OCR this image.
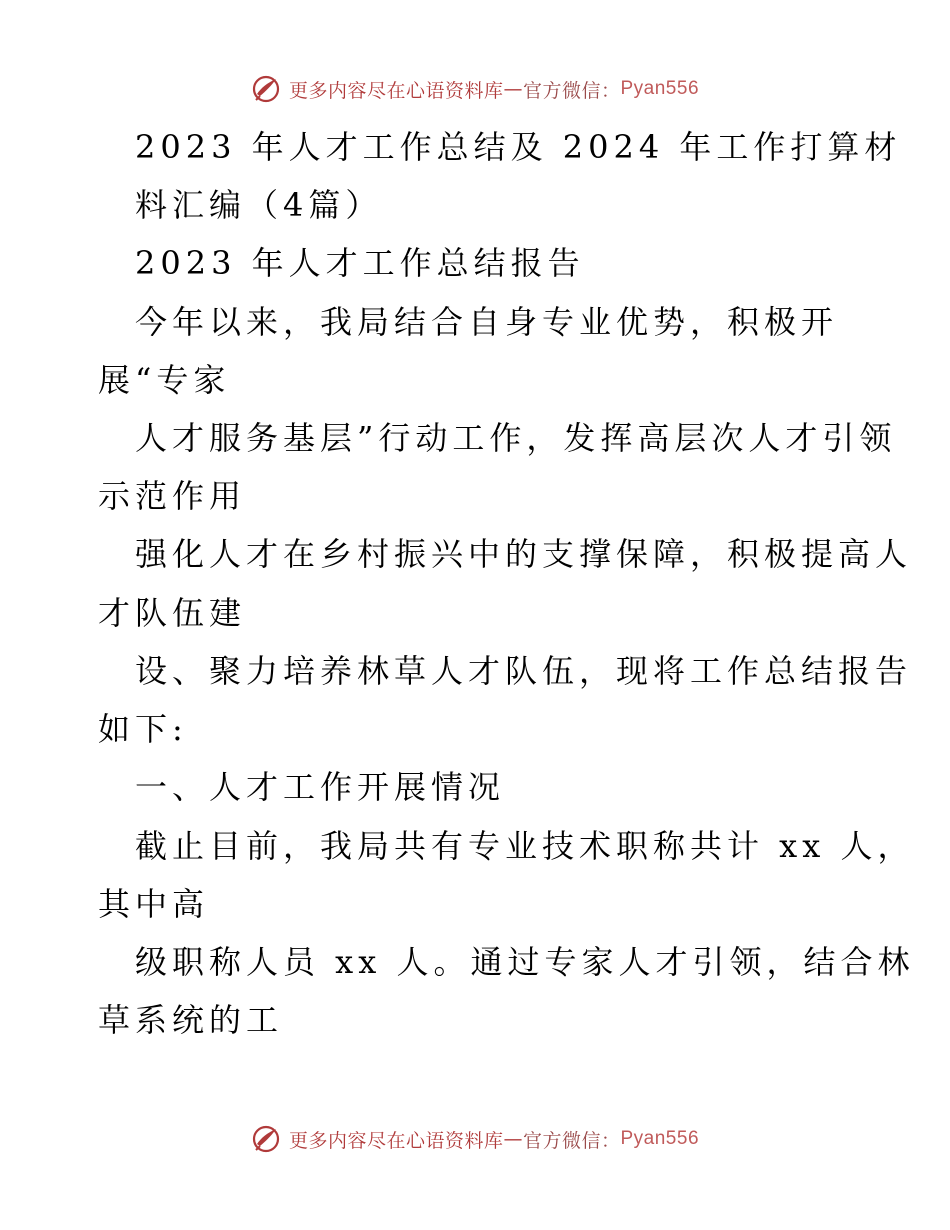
更多内容尽在心语资料库 — 官方微信： Pyan556
2023 年人才工作总结及 2024 年工作打算材
料汇编（4篇）
2023 年人才工作总结报告
今年以来，我局结合自身专业优势，积极开
展“专家
人才服务基层”行动工作，发挥高层次人才引领
示范作用
强化人才在乡村振兴中的支撑保障，积极提高人
才队伍建
设、聚力培养林草人才队伍，现将工作总结报告
如下:
一、人才工作开展情况
截止目前，我局共有专业技术职称共计 xx 人，
其中高
级职称人员 xx 人。通过专家人才引领，结合林
草系统的工
更多内容尽在心语资料库 — 官方微信： Pyan556
